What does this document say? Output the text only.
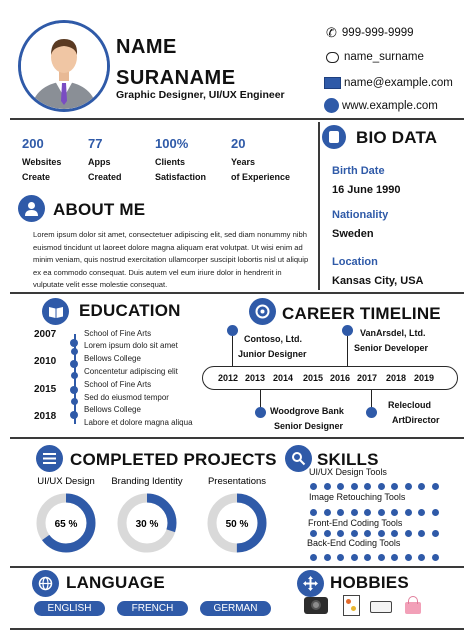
NAME
SURANAME
Graphic Designer, UI/UX Engineer
✆ 999-999-9999
name_surname
name@example.com
www.example.com
200
Websites
Create
77
Apps
Created
100%
Clients
Satisfaction
20
Years
of Experience
BIO DATA
Birth Date
16 June 1990
Nationality
Sweden
Location
Kansas City, USA
ABOUT ME
Lorem ipsum dolor sit amet, consectetuer adipiscing elit, sed diam nonummy nibh euismod tincidunt ut laoreet dolore magna aliquam erat volutpat. Ut wisi enim ad minim veniam, quis nostrud exercitation ullamcorper suscipit lobortis nisl ut aliquip ex ea commodo consequat. Duis autem vel eum iriure dolor in hendrerit in vulputate velit esse molestie consequat.
EDUCATION
2007	School of Fine Arts
Lorem ipsum dolo sit amet
2010	Bellows College
Concentetur adipiscing elit
2015	School of Fine Arts
Sed do eiusmod tempor
2018
Bellows College
Labore et dolore magna aliqua
CAREER TIMELINE
2012 2013 2014 2015 2016 2017 2018 2019
Contoso, Ltd.
Junior Designer
VanArsdel, Ltd.
Senior Developer
Woodgrove Bank
Senior Designer
Relecloud
ArtDirector
COMPLETED PROJECTS
UI/UX Design
65 %
Branding Identity
30 %
Presentations
50 %
SKILLS
UI/UX Design Tools
Image Retouching Tools
Front-End Coding Tools
Back-End Coding Tools
LANGUAGE
ENGLISH	FRENCH	GERMAN
HOBBIES
